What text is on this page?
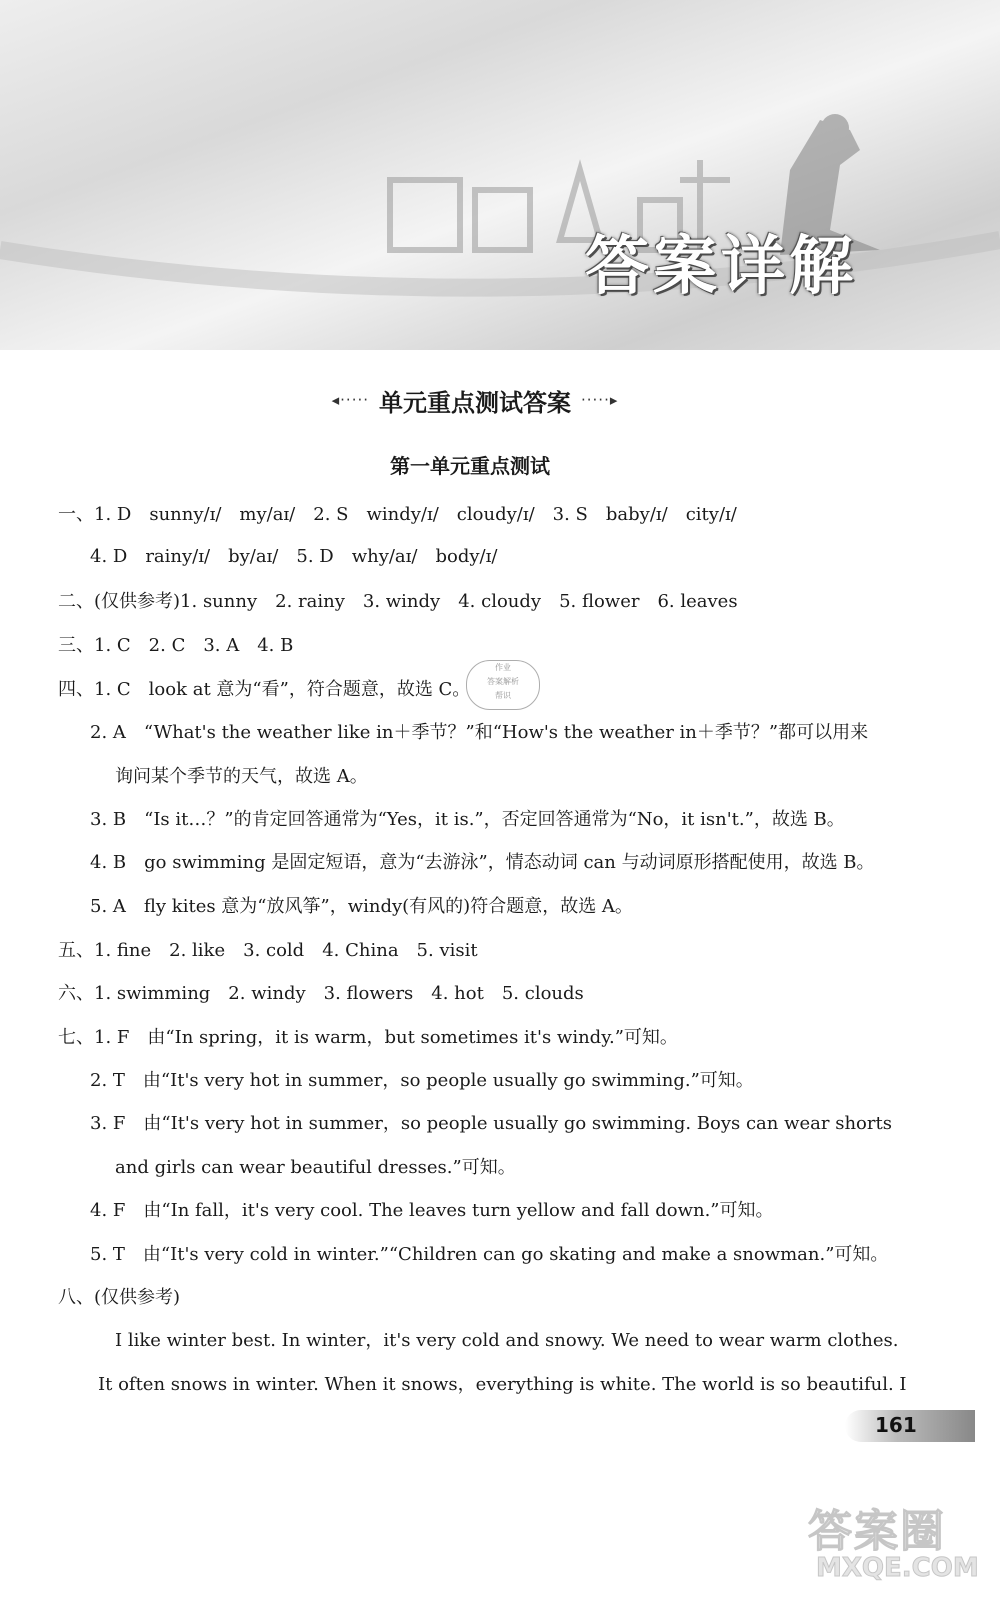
答案详解
◂····· 单元重点测试答案 ·····▸
第一单元重点测试
一、1. D　sunny/ɪ/　my/aɪ/　2. S　windy/ɪ/　cloudy/ɪ/　3. S　baby/ɪ/　city/ɪ/
4. D　rainy/ɪ/　by/aɪ/　5. D　why/aɪ/　body/ɪ/
二、(仅供参考)1. sunny　2. rainy　3. windy　4. cloudy　5. flower　6. leaves
三、1. C　2. C　3. A　4. B
四、1. C　look at 意为“看”，符合题意，故选 C。
2. A　“What's the weather like in＋季节？”和“How's the weather in＋季节？”都可以用来
询问某个季节的天气，故选 A。
3. B　“Is it…？”的肯定回答通常为“Yes，it is.”，否定回答通常为“No，it isn't.”，故选 B。
4. B　go swimming 是固定短语，意为“去游泳”，情态动词 can 与动词原形搭配使用，故选 B。
5. A　fly kites 意为“放风筝”，windy(有风的)符合题意，故选 A。
五、1. fine　2. like　3. cold　4. China　5. visit
六、1. swimming　2. windy　3. flowers　4. hot　5. clouds
七、1. F　由“In spring，it is warm，but sometimes it's windy.”可知。
2. T　由“It's very hot in summer，so people usually go swimming.”可知。
3. F　由“It's very hot in summer，so people usually go swimming. Boys can wear shorts
and girls can wear beautiful dresses.”可知。
4. F　由“In fall，it's very cool. The leaves turn yellow and fall down.”可知。
5. T　由“It's very cold in winter.”“Children can go skating and make a snowman.”可知。
八、(仅供参考)
I like winter best. In winter，it's very cold and snowy. We need to wear warm clothes.
It often snows in winter. When it snows，everything is white. The world is so beautiful. I
作业
答案解析
帮识
161
答案圈
MXQE.COM
